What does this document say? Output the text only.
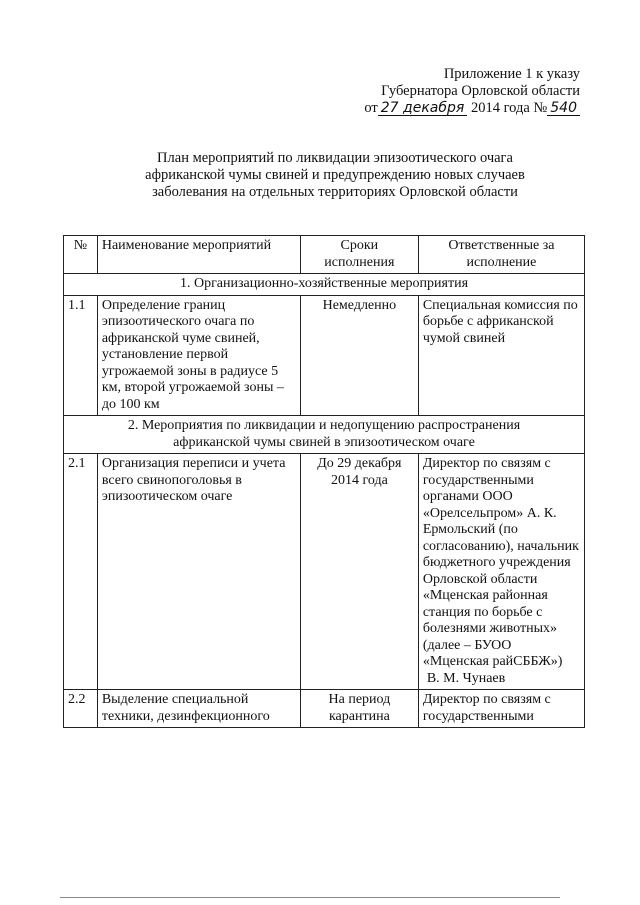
Приложение 1 к указу
Губернатора Орловской области
от 27 декабря 2014 года № 540
План мероприятий по ликвидации эпизоотического очага
африканской чумы свиней и предупреждению новых случаев
заболевания на отдельных территориях Орловской области
№	Наименование мероприятий	Сроки исполнения	Ответственные за исполнение
1. Организационно-хозяйственные мероприятия			
1.1	Определение границ эпизоотического очага по африканской чуме свиней, установление первой угрожаемой зоны в радиусе 5 км, второй угрожаемой зоны – до 100 км	Немедленно	Специальная комиссия по борьбе с африканской чумой свиней
2. Мероприятия по ликвидации и недопущению распространения африканской чумы свиней в эпизоотическом очаге			
2.1	Организация переписи и учета всего свинопоголовья в эпизоотическом очаге	До 29 декабря 2014 года	Директор по связям с государственными органами ООО «Орелсельпром» А. К. Ермольский (по согласованию), начальник бюджетного учреждения Орловской области «Мценская районная станция по борьбе с болезнями животных» (далее – БУОО «Мценская райСББЖ»)
В. М. Чунаев

2.2	Выделение специальной техники, дезинфекционного	На период карантина	Директор по связям с государственными
